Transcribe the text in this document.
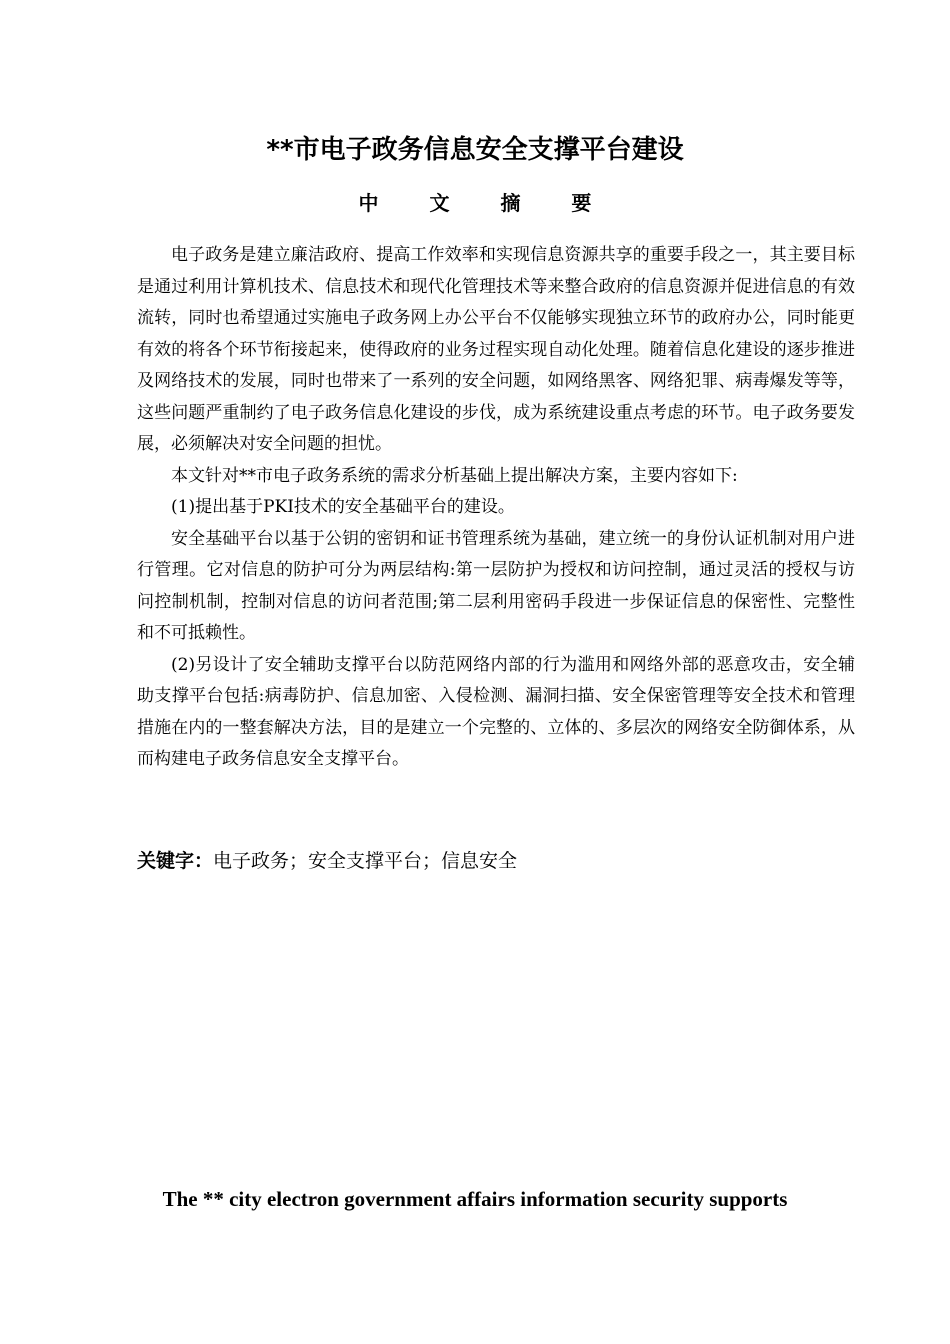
**市电子政务信息安全支撑平台建设
中 文 摘 要

电子政务是建立廉洁政府、提高工作效率和实现信息资源共享的重要手段之一，其主要目标是通过利用计算机技术、信息技术和现代化管理技术等来整合政府的信息资源并促进信息的有效流转，同时也希望通过实施电子政务网上办公平台不仅能够实现独立环节的政府办公，同时能更有效的将各个环节衔接起来，使得政府的业务过程实现自动化处理。随着信息化建设的逐步推进及网络技术的发展，同时也带来了一系列的安全问题，如网络黑客、网络犯罪、病毒爆发等等，这些问题严重制约了电子政务信息化建设的步伐，成为系统建设重点考虑的环节。电子政务要发展，必须解决对安全问题的担忧。

本文针对**市电子政务系统的需求分析基础上提出解决方案，主要内容如下:

(1)提出基于PKI技术的安全基础平台的建设。

安全基础平台以基于公钥的密钥和证书管理系统为基础，建立统一的身份认证机制对用户进行管理。它对信息的防护可分为两层结构:第一层防护为授权和访问控制，通过灵活的授权与访问控制机制，控制对信息的访问者范围;第二层利用密码手段进一步保证信息的保密性、完整性和不可抵赖性。

(2)另设计了安全辅助支撑平台以防范网络内部的行为滥用和网络外部的恶意攻击，安全辅助支撑平台包括:病毒防护、信息加密、入侵检测、漏洞扫描、安全保密管理等安全技术和管理措施在内的一整套解决方法，目的是建立一个完整的、立体的、多层次的网络安全防御体系，从而构建电子政务信息安全支撑平台。

关键字：电子政务；安全支撑平台；信息安全

The ** city electron government affairs information security supports
